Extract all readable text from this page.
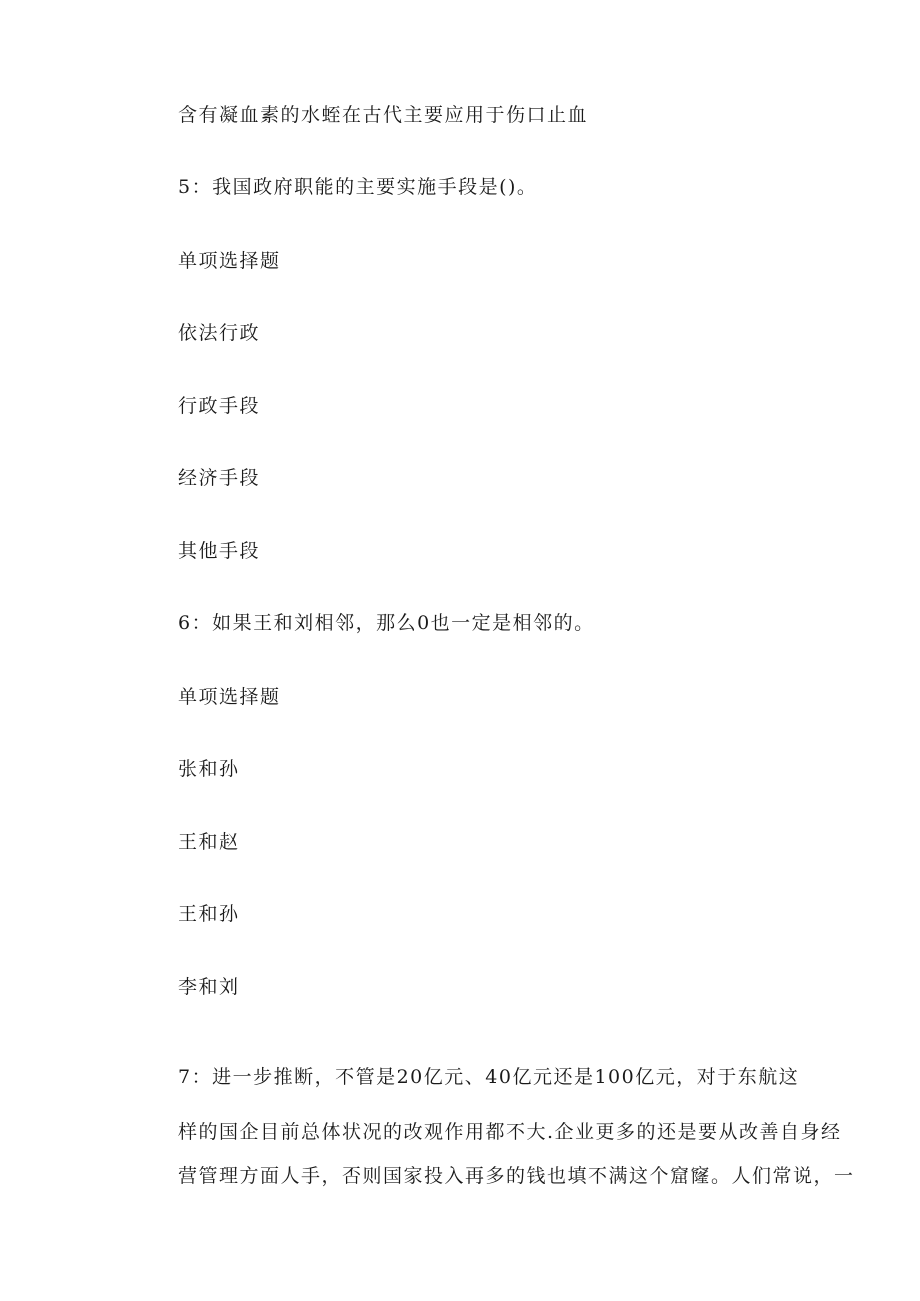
含有凝血素的水蛭在古代主要应用于伤口止血
5：我国政府职能的主要实施手段是()。
单项选择题
依法行政
行政手段
经济手段
其他手段
6：如果王和刘相邻，那么0也一定是相邻的。
单项选择题
张和孙
王和赵
王和孙
李和刘
7：进一步推断，不管是20亿元、40亿元还是100亿元，对于东航这
样的国企目前总体状况的改观作用都不大.企业更多的还是要从改善自身经
营管理方面人手，否则国家投入再多的钱也填不满这个窟窿。人们常说，一
